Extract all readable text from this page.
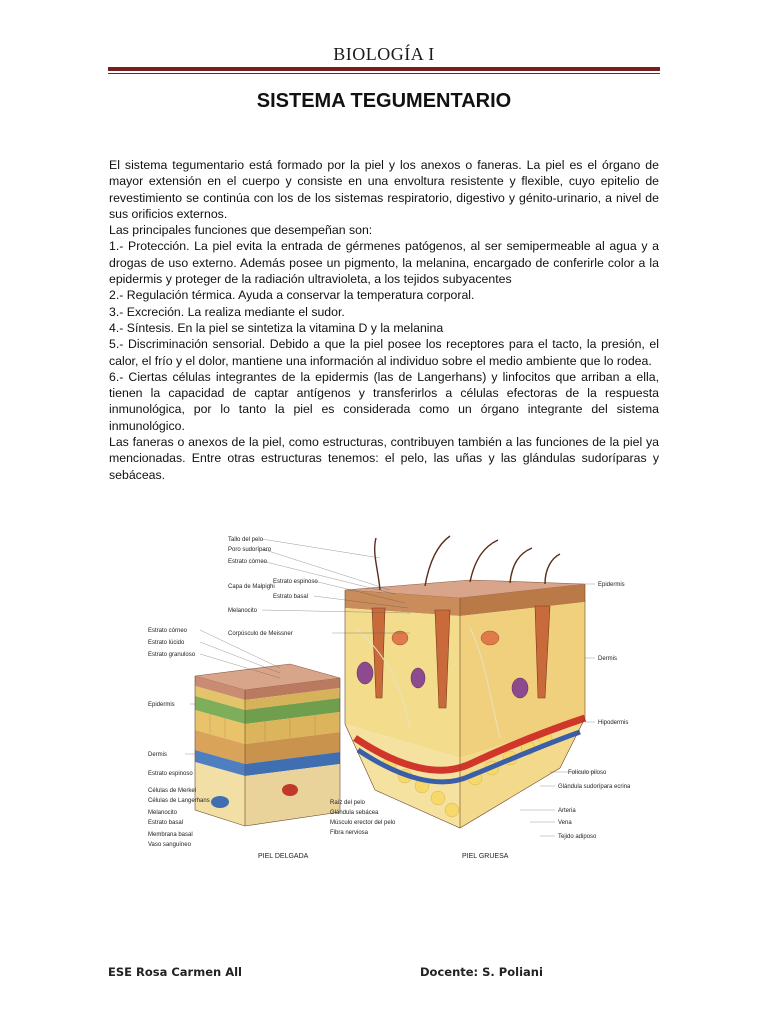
BIOLOGÍA I
SISTEMA TEGUMENTARIO

El sistema tegumentario está formado por la piel y los anexos o faneras. La piel es el órgano de mayor extensión en el cuerpo y consiste en una envoltura resistente y flexible, cuyo epitelio de revestimiento se continúa con los de los sistemas respiratorio, digestivo y génito-urinario, a nivel de sus orificios externos.

Las principales funciones que desempeñan son:

1.- Protección. La piel evita la entrada de gérmenes patógenos, al ser semipermeable al agua y a drogas de uso externo. Además posee un pigmento, la melanina, encargado de conferirle color a la epidermis y proteger de la radiación ultravioleta, a los tejidos subyacentes

2.- Regulación térmica. Ayuda a conservar la temperatura corporal.

3.- Excreción. La realiza mediante el sudor.

4.- Síntesis. En la piel se sintetiza la vitamina D y la melanina

5.- Discriminación sensorial. Debido a que la piel posee los receptores para el tacto, la presión, el calor, el frío y el dolor, mantiene una información al individuo sobre el medio ambiente que lo rodea.

6.- Ciertas células integrantes de la epidermis (las de Langerhans) y linfocitos que arriban a ella, tienen la capacidad de captar antígenos y transferirlos a células efectoras de la respuesta inmunológica, por lo tanto la piel es considerada como un órgano integrante del sistema inmunológico.

Las faneras o anexos de la piel, como estructuras, contribuyen también a las funciones de la piel ya mencionadas. Entre otras estructuras tenemos: el pelo, las uñas y las glándulas sudoríparas y sebáceas.

Tallo del pelo
Poro sudoríparo
Estrato córneo
Capa de Malpighi
Estrato espinoso
Estrato basal
Melanocito
Corpúsculo de Meissner
Estrato córneo
Estrato lúcido
Estrato granuloso
Epidermis
Dermis
Estrato espinoso
Células de Merkel
Células de Langerhans
Melanocito
Estrato basal
Membrana basal
Vaso sanguíneo
Raíz del pelo
Glándula sebácea
Músculo erector del pelo
Fibra nerviosa
Epidermis
Dermis
Hipodermis
Folículo piloso
Glándula sudorípara ecrina
Arteria
Vena
Tejido adiposo
PIEL DELGADA	PIEL GRUESA
ESE Rosa Carmen All	Docente: S. Poliani
